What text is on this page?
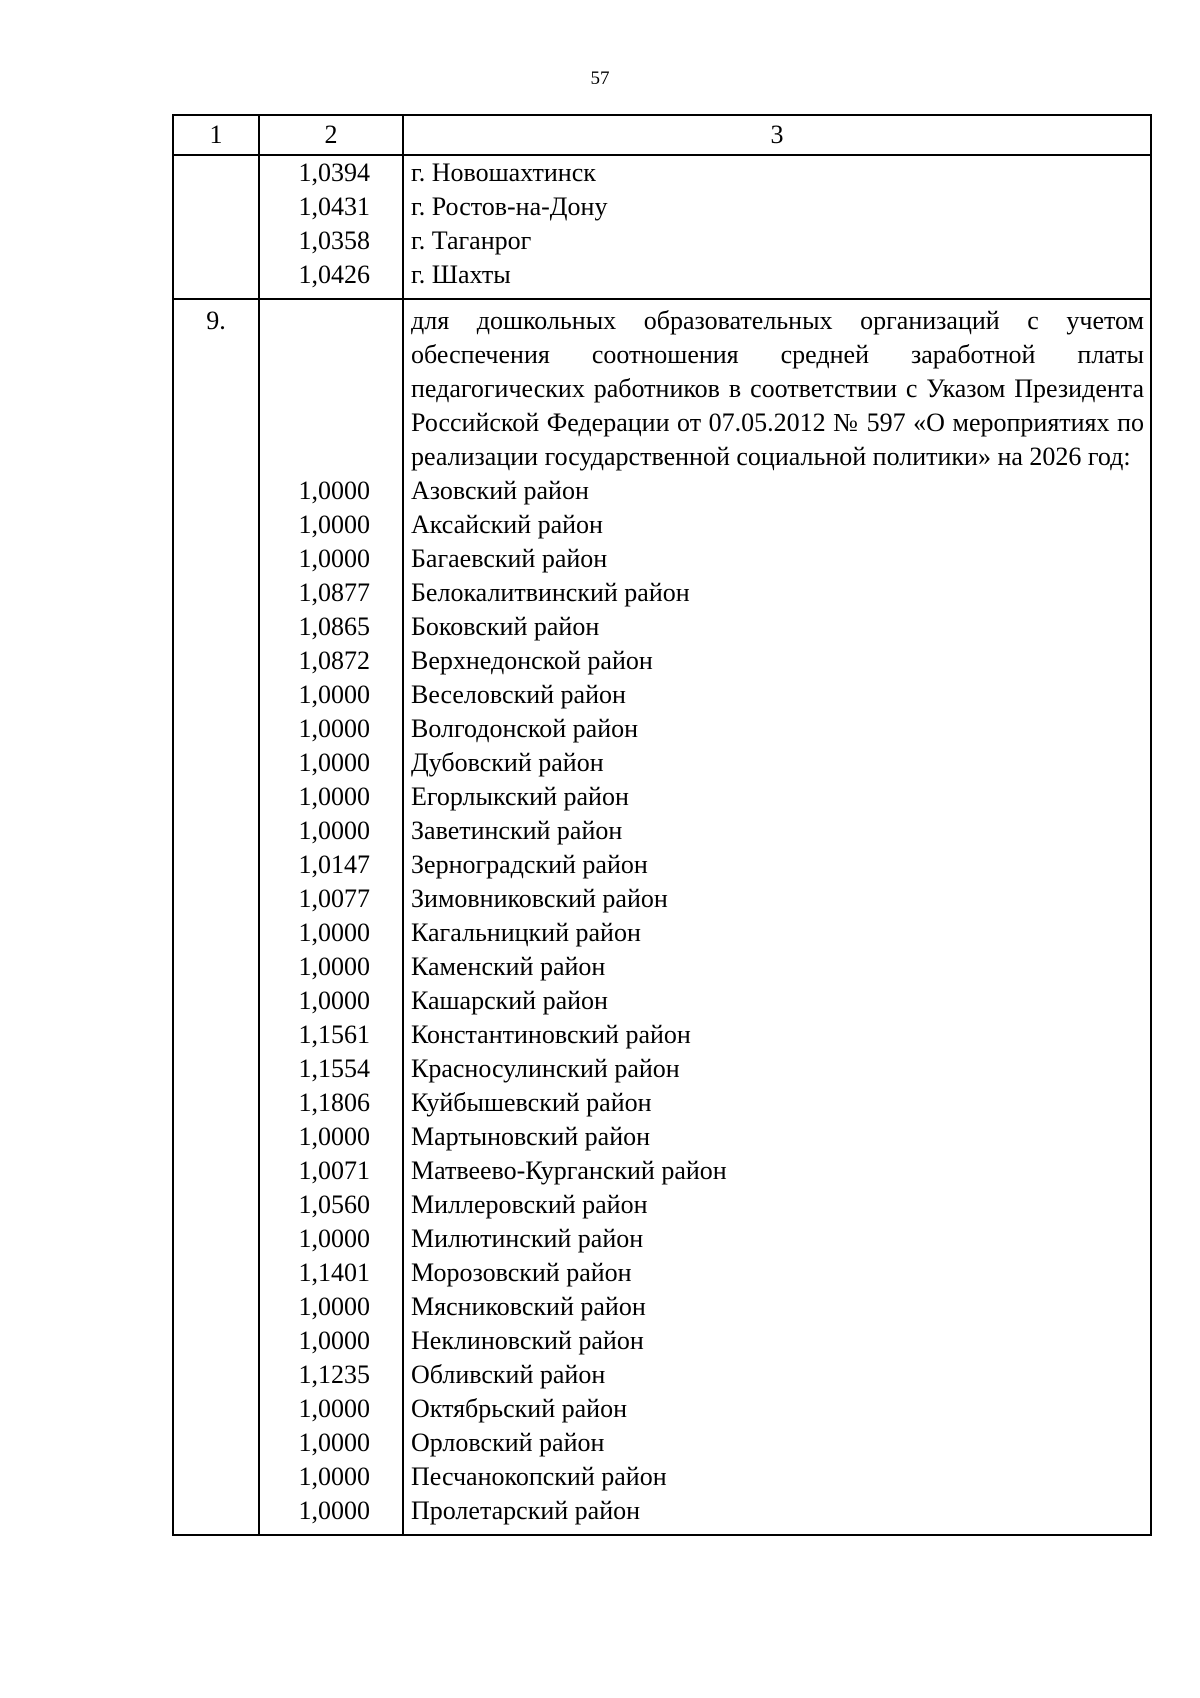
57
1	2	3
	1,0394	г. Новошахтинск
	1,0431	г. Ростов-на-Дону
	1,0358	г. Таганрог
	1,0426	г. Шахты
9.		для дошкольных образовательных организаций с учетом обеспечения соотношения средней заработной платы педагогических работников в соответствии с Указом Президента Российской Федерации от 07.05.2012 № 597 «О мероприятиях по реализации государственной социальной политики» на 2026 год:
	1,0000	Азовский район
	1,0000	Аксайский район
	1,0000	Багаевский район
	1,0877	Белокалитвинский район
	1,0865	Боковский район
	1,0872	Верхнедонской район
	1,0000	Веселовский район
	1,0000	Волгодонской район
	1,0000	Дубовский район
	1,0000	Егорлыкский район
	1,0000	Заветинский район
	1,0147	Зерноградский район
	1,0077	Зимовниковский район
	1,0000	Кагальницкий район
	1,0000	Каменский район
	1,0000	Кашарский район
	1,1561	Константиновский район
	1,1554	Красносулинский район
	1,1806	Куйбышевский район
	1,0000	Мартыновский район
	1,0071	Матвеево-Курганский район
	1,0560	Миллеровский район
	1,0000	Милютинский район
	1,1401	Морозовский район
	1,0000	Мясниковский район
	1,0000	Неклиновский район
	1,1235	Обливский район
	1,0000	Октябрьский район
	1,0000	Орловский район
	1,0000	Песчанокопский район
	1,0000	Пролетарский район
